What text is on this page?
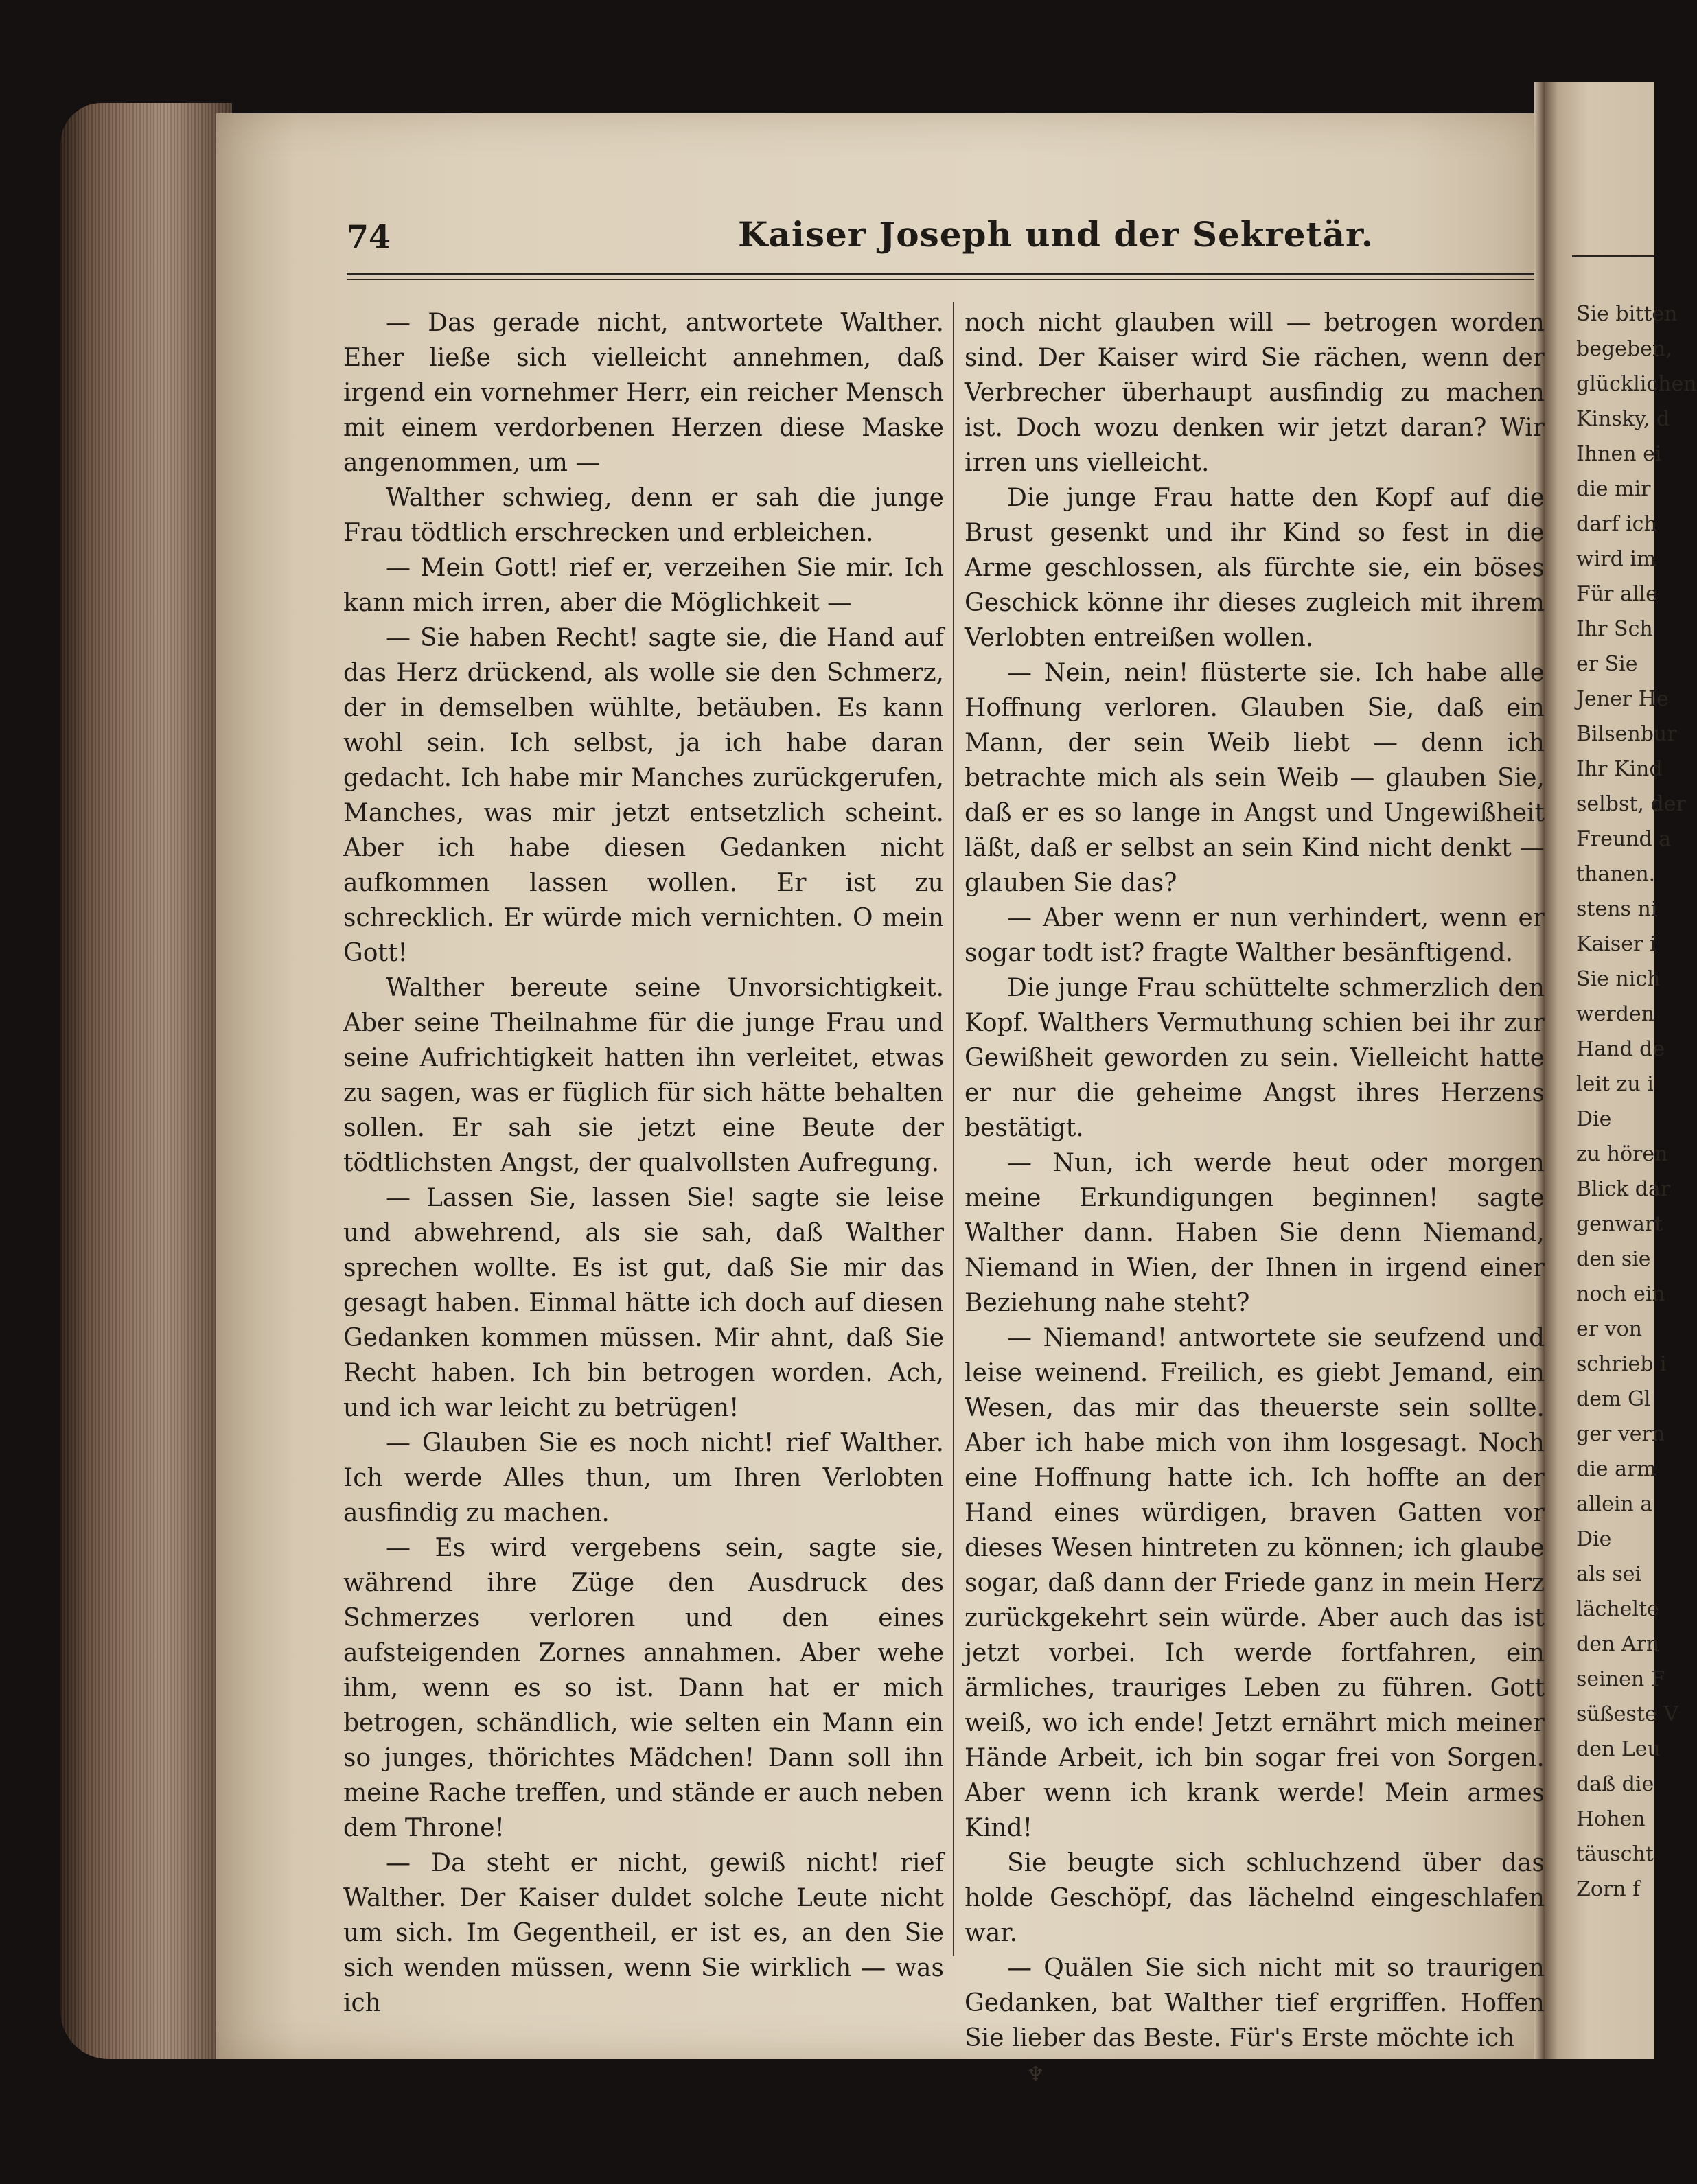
74	Kaiser Joseph und der Sekretär.

— Das gerade nicht, antwortete Walther. Eher ließe sich vielleicht annehmen, daß irgend ein vornehmer Herr, ein reicher Mensch mit einem verdorbenen Herzen diese Maske angenommen, um —

Walther schwieg, denn er sah die junge Frau tödtlich erschrecken und erbleichen.

— Mein Gott! rief er, verzeihen Sie mir. Ich kann mich irren, aber die Möglichkeit —

— Sie haben Recht! sagte sie, die Hand auf das Herz drückend, als wolle sie den Schmerz, der in demselben wühlte, betäuben. Es kann wohl sein. Ich selbst, ja ich habe daran gedacht. Ich habe mir Manches zurückgerufen, Manches, was mir jetzt entsetzlich scheint. Aber ich habe diesen Gedanken nicht aufkommen lassen wollen. Er ist zu schrecklich. Er würde mich vernichten. O mein Gott!

Walther bereute seine Unvorsichtigkeit. Aber seine Theilnahme für die junge Frau und seine Aufrichtigkeit hatten ihn verleitet, etwas zu sagen, was er füglich für sich hätte behalten sollen. Er sah sie jetzt eine Beute der tödtlichsten Angst, der qualvollsten Aufregung.

— Lassen Sie, lassen Sie! sagte sie leise und abwehrend, als sie sah, daß Walther sprechen wollte. Es ist gut, daß Sie mir das gesagt haben. Einmal hätte ich doch auf diesen Gedanken kommen müssen. Mir ahnt, daß Sie Recht haben. Ich bin betrogen worden. Ach, und ich war leicht zu betrügen!

— Glauben Sie es noch nicht! rief Walther. Ich werde Alles thun, um Ihren Verlobten ausfindig zu machen.

— Es wird vergebens sein, sagte sie, während ihre Züge den Ausdruck des Schmerzes verloren und den eines aufsteigenden Zornes annahmen. Aber wehe ihm, wenn es so ist. Dann hat er mich betrogen, schändlich, wie selten ein Mann ein so junges, thörichtes Mädchen! Dann soll ihn meine Rache treffen, und stände er auch neben dem Throne!

— Da steht er nicht, gewiß nicht! rief Walther. Der Kaiser duldet solche Leute nicht um sich. Im Gegentheil, er ist es, an den Sie sich wenden müssen, wenn Sie wirklich — was ich

noch nicht glauben will — betrogen worden sind. Der Kaiser wird Sie rächen, wenn der Verbrecher überhaupt ausfindig zu machen ist. Doch wozu denken wir jetzt daran? Wir irren uns vielleicht.

Die junge Frau hatte den Kopf auf die Brust gesenkt und ihr Kind so fest in die Arme geschlossen, als fürchte sie, ein böses Geschick könne ihr dieses zugleich mit ihrem Verlobten entreißen wollen.

— Nein, nein! flüsterte sie. Ich habe alle Hoffnung verloren. Glauben Sie, daß ein Mann, der sein Weib liebt — denn ich betrachte mich als sein Weib — glauben Sie, daß er es so lange in Angst und Ungewißheit läßt, daß er selbst an sein Kind nicht denkt — glauben Sie das?

— Aber wenn er nun verhindert, wenn er sogar todt ist? fragte Walther besänftigend.

Die junge Frau schüttelte schmerzlich den Kopf. Walthers Vermuthung schien bei ihr zur Gewißheit geworden zu sein. Vielleicht hatte er nur die geheime Angst ihres Herzens bestätigt.

— Nun, ich werde heut oder morgen meine Erkundigungen beginnen! sagte Walther dann. Haben Sie denn Niemand, Niemand in Wien, der Ihnen in irgend einer Beziehung nahe steht?

— Niemand! antwortete sie seufzend und leise weinend. Freilich, es giebt Jemand, ein Wesen, das mir das theuerste sein sollte. Aber ich habe mich von ihm losgesagt. Noch eine Hoffnung hatte ich. Ich hoffte an der Hand eines würdigen, braven Gatten vor dieses Wesen hintreten zu können; ich glaube sogar, daß dann der Friede ganz in mein Herz zurückgekehrt sein würde. Aber auch das ist jetzt vorbei. Ich werde fortfahren, ein ärmliches, trauriges Leben zu führen. Gott weiß, wo ich ende! Jetzt ernährt mich meiner Hände Arbeit, ich bin sogar frei von Sorgen. Aber wenn ich krank werde! Mein armes Kind!

Sie beugte sich schluchzend über das holde Geschöpf, das lächelnd eingeschlafen war.

— Quälen Sie sich nicht mit so traurigen Gedanken, bat Walther tief ergriffen. Hoffen Sie lieber das Beste. Für's Erste möchte ich

Sie bitten
begeben,
glücklichen
Kinsky, d
Ihnen ei
die mir
darf ich
wird im
Für alle
Ihr Sch
er Sie
Jener He
Bilsenbur
Ihr Kind
selbst, der
Freund a
thanen.
stens ni
Kaiser i
Sie nich
werden
Hand de
leit zu i
Die
zu hören
Blick dar
genwart
den sie
noch ein
er von
schrieb i
dem Gl
ger vern
die arm
allein a
Die
als sei
lächelte
den Arn
seinen F
süßeste V
den Leu
daß die
Hohen
täuscht
Zorn f
♆
